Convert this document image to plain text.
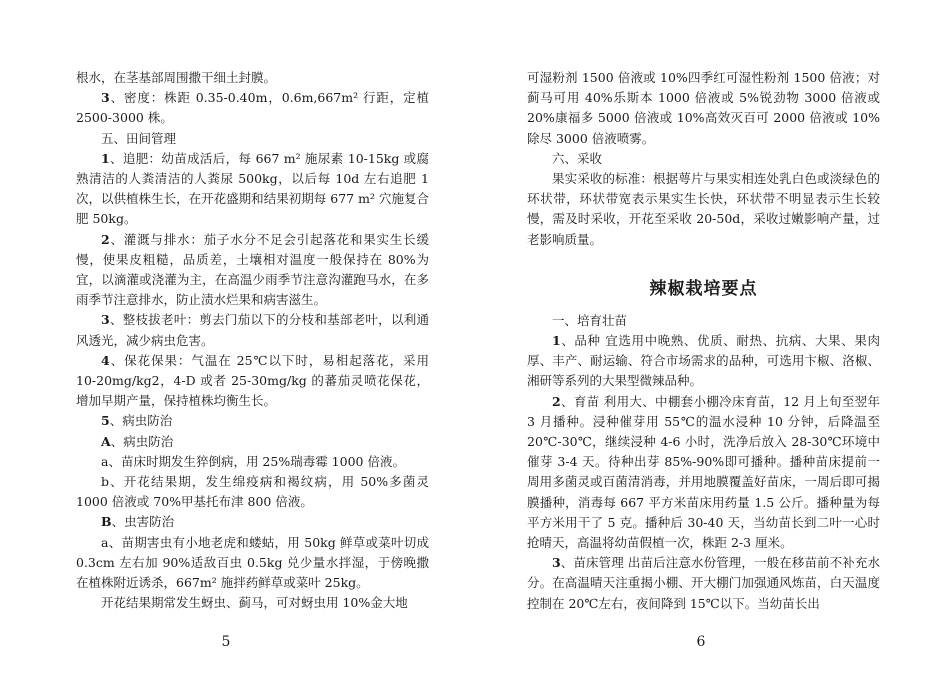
根水，在茎基部周围撒干细土封膜。

3、密度：株距 0.35-0.40m，0.6m,667m² 行距，定植 2500-3000 株。

五、田间管理

1、追肥：幼苗成活后，每 667 m² 施尿素 10-15kg 或腐熟清洁的人粪清洁的人粪尿 500kg，以后每 10d 左右追肥 1 次，以供植株生长，在开花盛期和结果初期每 677 m² 穴施复合肥 50kg。

2、灌溉与排水：茄子水分不足会引起落花和果实生长缓慢，使果皮粗糙，品质差，土壤相对温度一般保持在 80%为宜，以滴灌或浇灌为主，在高温少雨季节注意沟灌跑马水，在多雨季节注意排水，防止渍水烂果和病害滋生。

3、整枝拔老叶：剪去门茄以下的分枝和基部老叶，以利通风透光，减少病虫危害。

4、保花保果：气温在 25℃以下时，易相起落花，采用 10-20mg/kg2，4-D 或者 25-30mg/kg 的蕃茄灵喷花保花，增加早期产量，保持植株均衡生长。

5、病虫防治

A、病虫防治

a、苗床时期发生猝倒病，用 25%瑞毒霉 1000 倍液。

b、开花结果期，发生绵疫病和褐纹病，用 50%多菌灵 1000 倍液或 70%甲基托布津 800 倍液。

B、虫害防治

a、苗期害虫有小地老虎和蝼蛄，用 50kg 鲜草或菜叶切成 0.3cm 左右加 90%适敌百虫 0.5kg 兑少量水拌湿，于傍晚撒在植株附近诱杀，667m² 施拌药鲜草或菜叶 25kg。

开花结果期常发生蚜虫、蓟马，可对蚜虫用 10%金大地

5

可湿粉剂 1500 倍液或 10%四季红可湿性粉剂 1500 倍液；对蓟马可用 40%乐斯本 1000 倍液或 5%锐劲物 3000 倍液或 20%康福多 5000 倍液或 10%高效灭百可 2000 倍液或 10%除尽 3000 倍液喷雾。

六、采收

果实采收的标准：根据萼片与果实相连处乳白色或淡绿色的环状带，环状带宽表示果实生长快，环状带不明显表示生长较慢，需及时采收，开花至采收 20-50d，采收过嫩影响产量，过老影响质量。

辣椒栽培要点

一、培育壮苗

1、品种 宜选用中晚熟、优质、耐热、抗病、大果、果肉厚、丰产、耐运输、符合市场需求的品种，可选用卞椒、洛椒、湘研等系列的大果型微辣品种。

2、育苗 利用大、中棚套小棚冷床育苗，12 月上旬至翌年 3 月播种。浸种催芽用 55℃的温水浸种 10 分钟，后降温至 20℃-30℃，继续浸种 4-6 小时，洗净后放入 28-30℃环境中催芽 3-4 天。待种出芽 85%-90%即可播种。播种苗床提前一周用多菌灵或百菌清消毒，并用地膜覆盖好苗床，一周后即可揭膜播种，消毒每 667 平方米苗床用药量 1.5 公斤。播种量为每平方米用干了 5 克。播种后 30-40 天，当幼苗长到二叶一心时抢晴天，高温将幼苗假植一次，株距 2-3 厘米。

3、苗床管理 出苗后注意水份管理，一般在移苗前不补充水分。在高温晴天注重揭小棚、开大棚门加强通风炼苗，白天温度控制在 20℃左右，夜间降到 15℃以下。当幼苗长出

6
